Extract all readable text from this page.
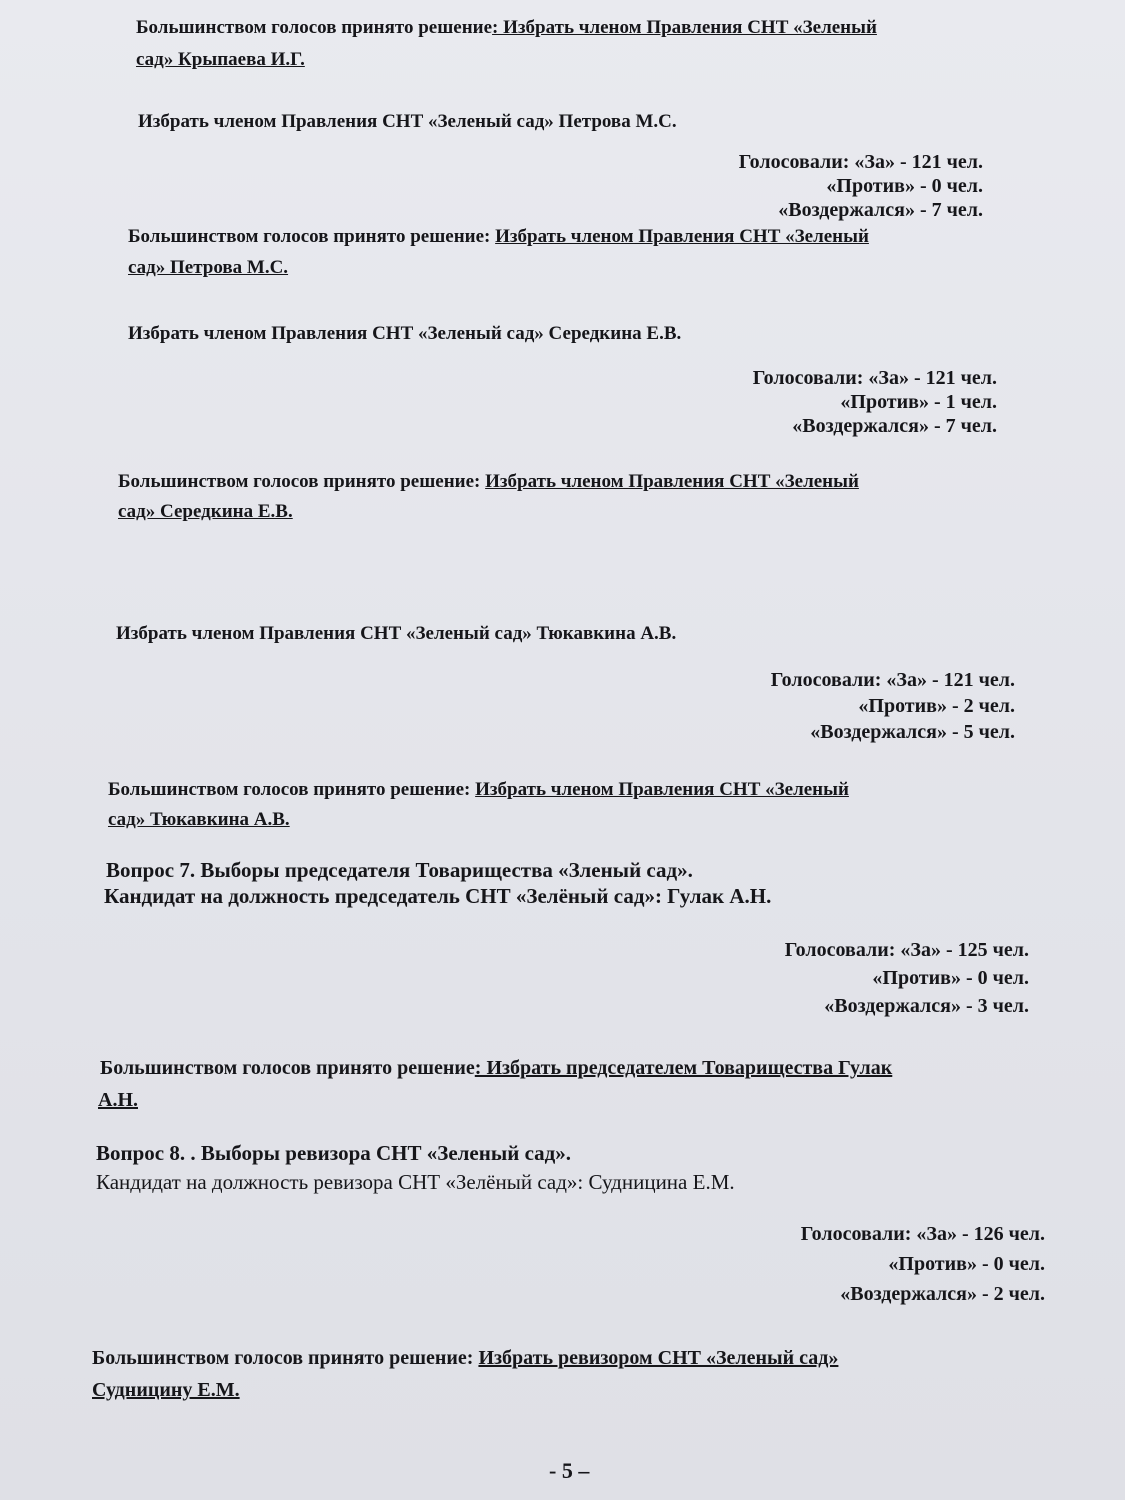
Большинством голосов принято решение: Избрать членом Правления СНТ «Зеленый
сад» Крыпаева И.Г.
Избрать членом Правления СНТ «Зеленый сад» Петрова М.С.
Голосовали: «За» - 121 чел.
«Против» - 0 чел.
«Воздержался» - 7 чел.
Большинством голосов принято решение: Избрать членом Правления СНТ «Зеленый
сад» Петрова М.С.
Избрать членом Правления СНТ «Зеленый сад» Середкина Е.В.
Голосовали: «За» - 121 чел.
«Против» - 1 чел.
«Воздержался» - 7 чел.
Большинством голосов принято решение: Избрать членом Правления СНТ «Зеленый
сад» Середкина Е.В.
Избрать членом Правления СНТ «Зеленый сад» Тюкавкина А.В.
Голосовали: «За» - 121 чел.
«Против» - 2 чел.
«Воздержался» - 5 чел.
Большинством голосов принято решение: Избрать членом Правления СНТ «Зеленый
сад» Тюкавкина А.В.
Вопрос 7. Выборы председателя Товарищества «Зленый сад».
Кандидат на должность председатель СНТ «Зелёный сад»: Гулак А.Н.
Голосовали: «За» - 125 чел.
«Против» - 0 чел.
«Воздержался» - 3 чел.
Большинством голосов принято решение: Избрать председателем Товарищества Гулак
А.Н.
Вопрос 8. . Выборы ревизора СНТ «Зеленый сад».
Кандидат на должность ревизора СНТ «Зелёный сад»: Судницина Е.М.
Голосовали: «За» - 126 чел.
«Против» - 0 чел.
«Воздержался» - 2 чел.
Большинством голосов принято решение: Избрать ревизором СНТ «Зеленый сад»
Судницину Е.М.
- 5 –
